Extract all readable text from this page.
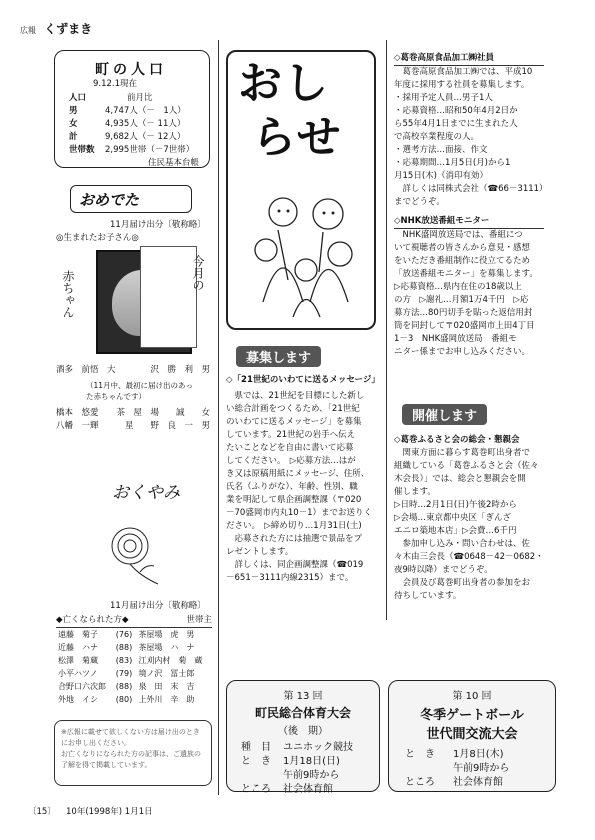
広報 くずまき
町の人口
9.12.1現在
人口	前月比
男	4,747人（－　1人）
女	4,935人（－ 11人）
計	9,682人（－ 12人）
世帯数 2,995世帯（－7世帯）
住民基本台帳
おめでた
11月届け出分〔敬称略〕
◎生まれたお子さん◎
今月の
赤ちゃん
酒多　前悟　大	沢　勝　利　男
（11月中、最初に届け出のあった赤ちゃんです）
橋本　悠愛 茶　屋　場　　誠　　女
八幡　一輝	星　　野　良　一　男
おくやみ
11月届け出分〔敬称略〕
◆亡くなられた方◆	世帯主
遠藤　菊子	(76)	茶屋場　虎　男
近藤　ハナ	(88)	茶屋場　ハ　ナ
松澤　菊蔵	(83)	江刈内村　菊　蔵
小平ハツノ	(79)	境ノ沢　冨士郎
合野口六次郎	(88)	泉　田　末　吉
外地　イシ	(80)	上外川　辛　助
※広報に載せて欲しくない方は届け出のときにお申し出ください。
お亡くなりになられた方の記事は、ご遺族の了解を得て掲載しています。
おし
らせ
募集します
◇「21世紀のいわてに送るメッセージ」
　県では、21世紀を目標にした新し
い総合計画をつくるため、「21世紀
のいわてに送るメッセージ」を募集
しています。21世紀の岩手へ伝え
たいことなどを自由に書いて応募
してください。　▷応募方法…はが
き又は原稿用紙にメッセージ、住所、
氏名（ふりがな）、年齢、性別、職
業を明記して県企画調整課（〒020
－70盛岡市内丸10－1）までお送りく
ださい。　▷締め切り…1月31日(土)
　応募された方には抽選で景品をプ
レゼントします。
　詳しくは、同企画調整課（☎019
－651－3111内線2315）まで。
◇葛巻高原食品加工㈱社員
　葛巻高原食品加工㈱では、平成10
年度に採用する社員を募集します。
・採用予定人員…男子1人
・応募資格…昭和50年4月2日か
ら55年4月1日までに生まれた人
で高校卒業程度の人。
・選考方法…面接、作文
・応募期間…1月5日(月)から1
月15日(木)（消印有効）
　詳しくは同株式会社（☎66－3111）
までどうぞ。
◇NHK放送番組モニター
　NHK盛岡放送局では、番組につ
いて視聴者の皆さんから意見・感想
をいただき番組制作に役立てるため
「放送番組モニター」を募集します。
▷応募資格…県内在住の18歳以上
の方　▷謝礼…月額1万4千円　▷応
募方法…80円切手を貼った返信用封
筒を同封して〒020盛岡市上田4丁目
1－3　NHK盛岡放送局　番組モ
ニター係までお申し込みください。
開催します
◇葛巻ふるさと会の総会・懇親会
　関東方面に暮らす葛巻町出身者で
組織している「葛巻ふるさと会（佐々
木会長）」では、総会と懇親会を開
催します。
▷日時…2月1日(日)午後2時から
▷会場…東京都中央区「ぎんざ
エニロ築地本店」▷会費…6千円
　参加申し込み・問い合わせは、佐
々木由三会長（☎0648－42－0682・
夜9時以降）までどうぞ。
　会員及び葛巻町出身者の参加をお
待ちしています。
第 13 回
町民総合体育大会
（後　期）
種　目 ユニホック競技
と　き 1月18日(日)
午前9時から
ところ 社会体育館
第 10 回
冬季ゲートボール
世代間交流大会
と　き 1月8日(木)
午前9時から
ところ 社会体育館
〔15〕 10年(1998年) 1月1日
